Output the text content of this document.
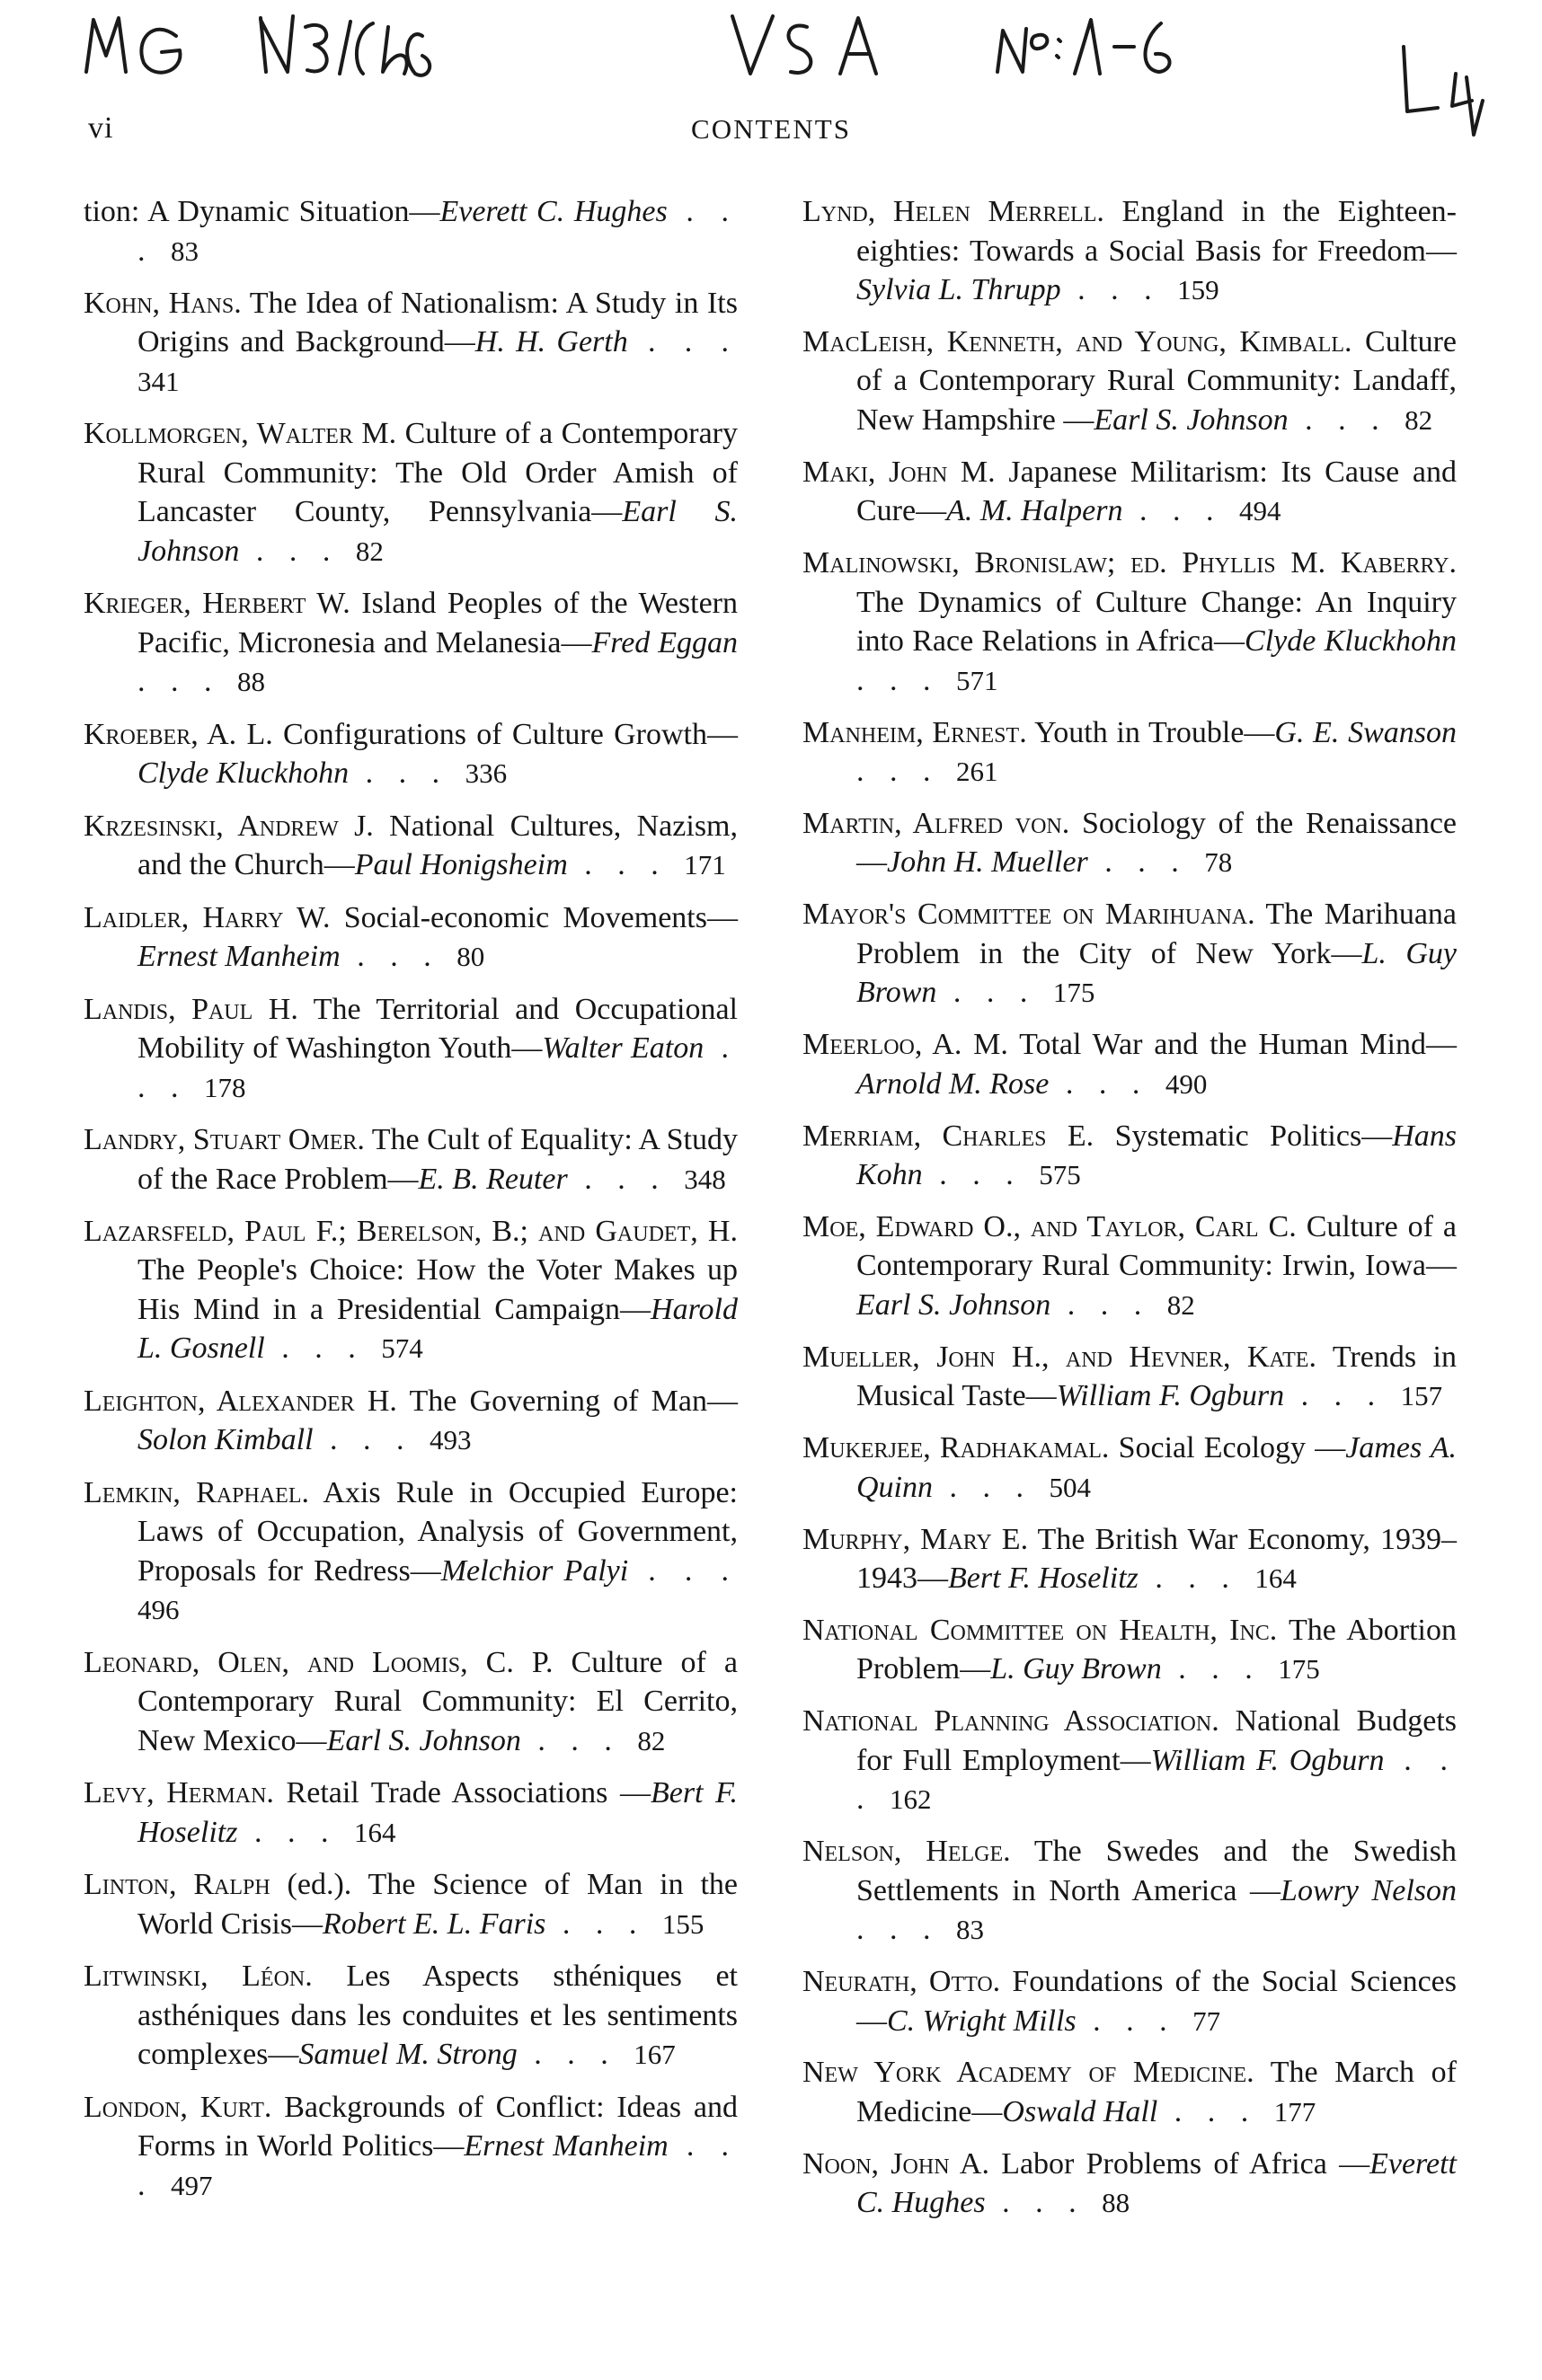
vi	CONTENTS
tion: A Dynamic Situation—Everett C. Hughes . . . 83
Kohn, Hans. The Idea of Nationalism: A Study in Its Origins and Background—H. H. Gerth . . . 341
Kollmorgen, Walter M. Culture of a Contemporary Rural Community: The Old Order Amish of Lancaster County, Pennsylvania—Earl S. Johnson . . . 82
Krieger, Herbert W. Island Peoples of the Western Pacific, Micronesia and Melanesia—Fred Eggan . . . 88
Kroeber, A. L. Configurations of Culture Growth—Clyde Kluckhohn . . . 336
Krzesinski, Andrew J. National Cultures, Nazism, and the Church—Paul Honigsheim . . . 171
Laidler, Harry W. Social-economic Movements—Ernest Manheim . . . 80
Landis, Paul H. The Territorial and Occupational Mobility of Washington Youth—Walter Eaton . . . 178
Landry, Stuart Omer. The Cult of Equality: A Study of the Race Problem—E. B. Reuter . . . 348
Lazarsfeld, Paul F.; Berelson, B.; and Gaudet, H. The People's Choice: How the Voter Makes up His Mind in a Presidential Campaign—Harold L. Gosnell . . . 574
Leighton, Alexander H. The Governing of Man—Solon Kimball . . . 493
Lemkin, Raphael. Axis Rule in Occupied Europe: Laws of Occupation, Analysis of Government, Proposals for Redress—Melchior Palyi . . . 496
Leonard, Olen, and Loomis, C. P. Culture of a Contemporary Rural Community: El Cerrito, New Mexico—Earl S. Johnson . . . 82
Levy, Herman. Retail Trade Associations —Bert F. Hoselitz . . . 164
Linton, Ralph (ed.). The Science of Man in the World Crisis—Robert E. L. Faris . . . 155
Litwinski, Léon. Les Aspects sthéniques et asthéniques dans les conduites et les sentiments complexes—Samuel M. Strong . . . 167
London, Kurt. Backgrounds of Conflict: Ideas and Forms in World Politics—Ernest Manheim . . . 497
Lynd, Helen Merrell. England in the Eighteen-eighties: Towards a Social Basis for Freedom—Sylvia L. Thrupp . . . 159
MacLeish, Kenneth, and Young, Kimball. Culture of a Contemporary Rural Community: Landaff, New Hampshire —Earl S. Johnson . . . 82
Maki, John M. Japanese Militarism: Its Cause and Cure—A. M. Halpern . . . 494
Malinowski, Bronislaw; ed. Phyllis M. Kaberry. The Dynamics of Culture Change: An Inquiry into Race Relations in Africa—Clyde Kluckhohn . . . 571
Manheim, Ernest. Youth in Trouble—G. E. Swanson . . . 261
Martin, Alfred von. Sociology of the Renaissance—John H. Mueller . . . 78
Mayor's Committee on Marihuana. The Marihuana Problem in the City of New York—L. Guy Brown . . . 175
Meerloo, A. M. Total War and the Human Mind—Arnold M. Rose . . . 490
Merriam, Charles E. Systematic Politics—Hans Kohn . . . 575
Moe, Edward O., and Taylor, Carl C. Culture of a Contemporary Rural Community: Irwin, Iowa—Earl S. Johnson . . . 82
Mueller, John H., and Hevner, Kate. Trends in Musical Taste—William F. Ogburn . . . 157
Mukerjee, Radhakamal. Social Ecology —James A. Quinn . . . 504
Murphy, Mary E. The British War Economy, 1939–1943—Bert F. Hoselitz . . . 164
National Committee on Health, Inc. The Abortion Problem—L. Guy Brown . . . 175
National Planning Association. National Budgets for Full Employment—William F. Ogburn . . . 162
Nelson, Helge. The Swedes and the Swedish Settlements in North America —Lowry Nelson . . . 83
Neurath, Otto. Foundations of the Social Sciences—C. Wright Mills . . . 77
New York Academy of Medicine. The March of Medicine—Oswald Hall . . . 177
Noon, John A. Labor Problems of Africa —Everett C. Hughes . . . 88
